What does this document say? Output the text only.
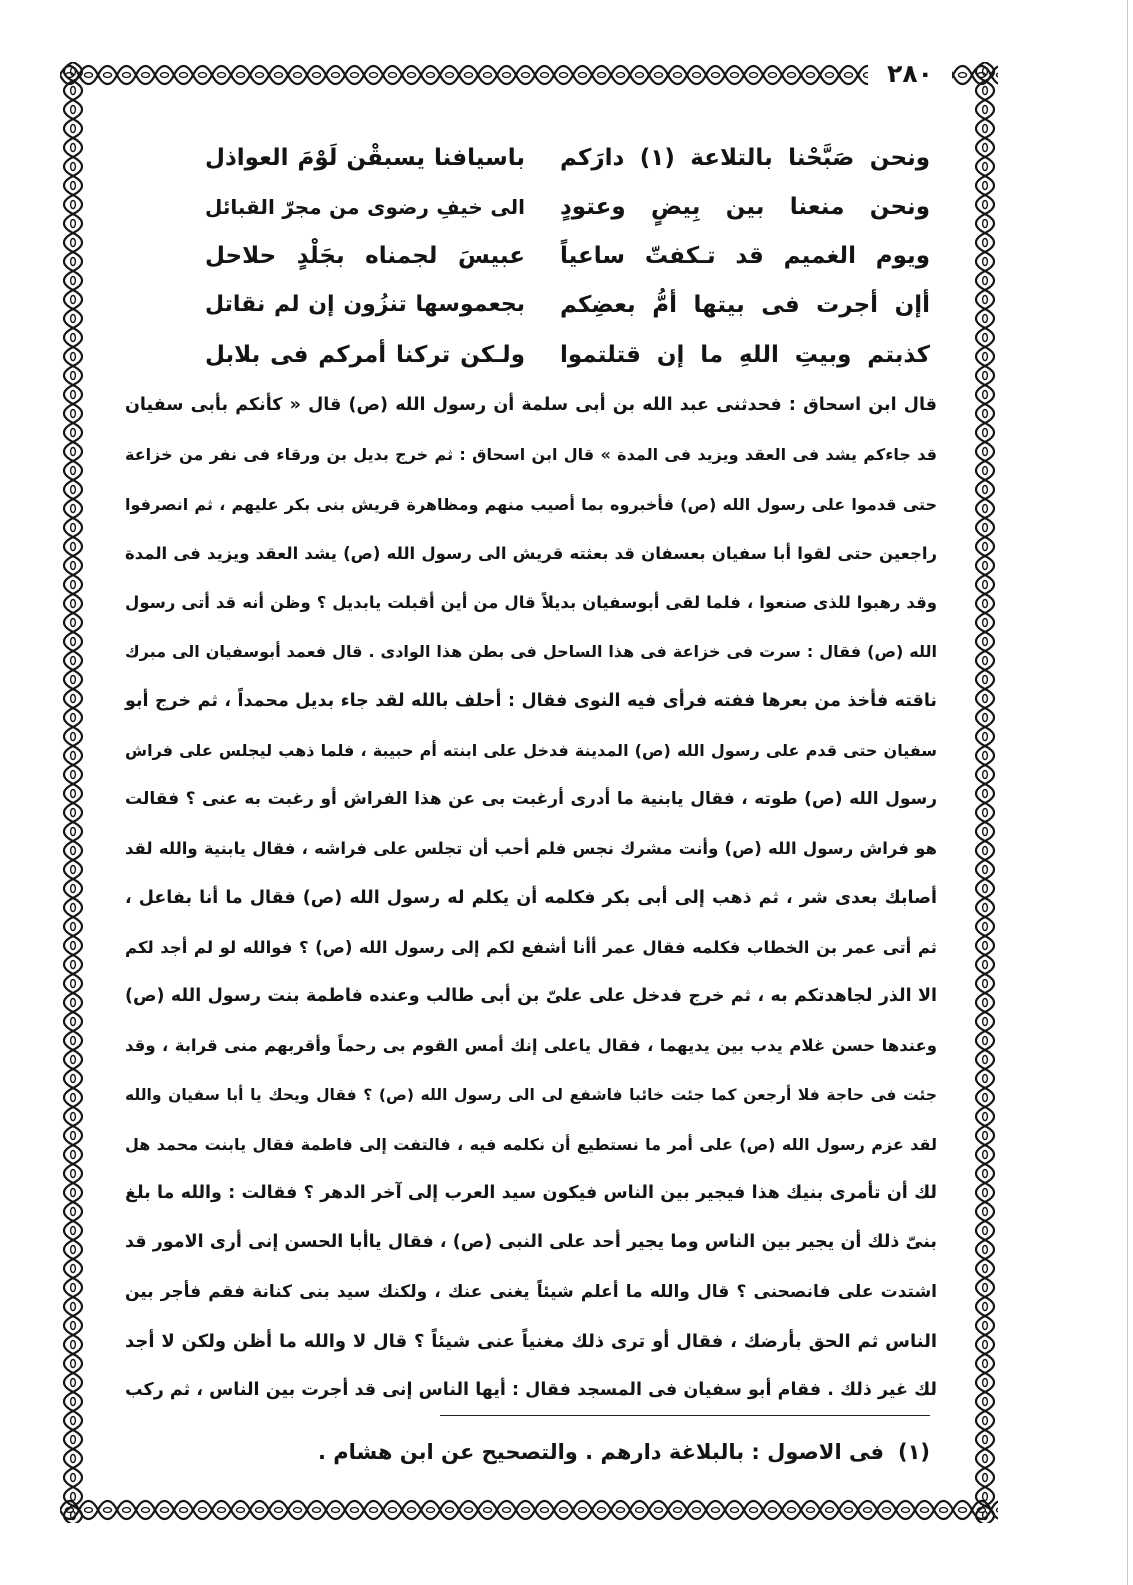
٢٨٠
ونحن صَبَّحْنا بالتلاعة (١) دارَكم
باسيافنا يسبقْن لَوْمَ العواذل
ونحن منعنا بين بِيضٍ وعتودٍ
الى خيفِ رضوى من مجرّ القبائل
ويوم الغميم قد تـكفتّ ساعياً
عبيسَ لجمناه بجَلْدٍ حلاحل
أإن أجرت فى بيتها أمُّ بعضِكم
بجعموسها تنزُون إن لم نقاتل
كذبتم وبيتِ اللهِ ما إن قتلتموا
ولـكن تركنا أمركم فى بلابل
قال ابن اسحاق : فحدثنى عبد الله بن أبى سلمة أن رسول الله (ص) قال « كأنكم بأبى سفيان
قد جاءكم يشد فى العقد ويزيد فى المدة » قال ابن اسحاق : ثم خرج بديل بن ورقاء فى نفر من خزاعة
حتى قدموا على رسول الله (ص) فأخبروه بما أصيب منهم ومظاهرة قريش بنى بكر عليهم ، ثم انصرفوا
راجعين حتى لقوا أبا سفيان بعسفان قد بعثته قريش الى رسول الله (ص) يشد العقد ويزيد فى المدة
وقد رهبوا للذى صنعوا ، فلما لقى أبوسفيان بديلاً قال من أين أقبلت يابديل ؟ وظن أنه قد أتى رسول
الله (ص) فقال : سرت فى خزاعة فى هذا الساحل فى بطن هذا الوادى . قال فعمد أبوسفيان الى مبرك
ناقته فأخذ من بعرها ففته فرأى فيه النوى فقال : أحلف بالله لقد جاء بديل محمداً ، ثم خرج أبو
سفيان حتى قدم على رسول الله (ص) المدينة فدخل على ابنته أم حبيبة ، فلما ذهب ليجلس على فراش
رسول الله (ص) طوته ، فقال يابنية ما أدرى أرغبت بى عن هذا الفراش أو رغبت به عنى ؟ فقالت
هو فراش رسول الله (ص) وأنت مشرك نجس فلم أحب أن تجلس على فراشه ، فقال يابنية والله لقد
أصابك بعدى شر ، ثم ذهب إلى أبى بكر فكلمه أن يكلم له رسول الله (ص) فقال ما أنا بفاعل ،
ثم أتى عمر بن الخطاب فكلمه فقال عمر أأنا أشفع لكم إلى رسول الله (ص) ؟ فوالله لو لم أجد لكم
الا الذر لجاهدتكم به ، ثم خرج فدخل على علىّ بن أبى طالب وعنده فاطمة بنت رسول الله (ص)
وعندها حسن غلام يدب بين يديهما ، فقال ياعلى إنك أمس القوم بى رحماً وأقربهم منى قرابة ، وقد
جئت فى حاجة فلا أرجعن كما جئت خائبا فاشفع لى الى رسول الله (ص) ؟ فقال ويحك يا أبا سفيان والله
لقد عزم رسول الله (ص) على أمر ما نستطيع أن نكلمه فيه ، فالتفت إلى فاطمة فقال يابنت محمد هل
لك أن تأمرى بنيك هذا فيجير بين الناس فيكون سيد العرب إلى آخر الدهر ؟ فقالت : والله ما بلغ
بنىّ ذلك أن يجير بين الناس وما يجير أحد على النبى (ص) ، فقال ياأبا الحسن إنى أرى الامور قد
اشتدت على فانصحنى ؟ قال والله ما أعلم شيئاً يغنى عنك ، ولكنك سيد بنى كنانة فقم فأجر بين
الناس ثم الحق بأرضك ، فقال أو ترى ذلك مغنياً عنى شيئاً ؟ قال لا والله ما أظن ولكن لا أجد
لك غير ذلك . فقام أبو سفيان فى المسجد فقال : أيها الناس إنى قد أجرت بين الناس ، ثم ركب
(١)فى الاصول : بالبلاغة دارهم . والتصحيح عن ابن هشام .
